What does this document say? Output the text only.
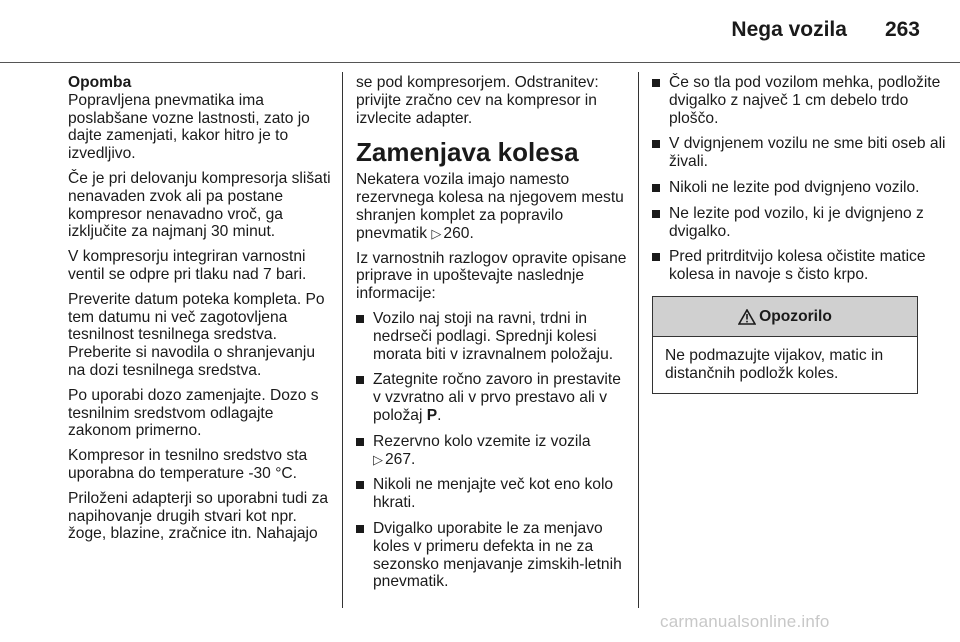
Nega vozila 263

Opomba

Popravljena pnevmatika ima poslabšane vozne lastnosti, zato jo dajte zamenjati, kakor hitro je to izvedljivo.

Če je pri delovanju kompresorja slišati nenavaden zvok ali pa postane kompresor nenavadno vroč, ga izključite za najmanj 30 minut.

V kompresorju integriran varnostni ventil se odpre pri tlaku nad 7 bari.

Preverite datum poteka kompleta. Po tem datumu ni več zagotovljena tesnilnost tesnilnega sredstva. Preberite si navodila o shranjevanju na dozi tesnilnega sredstva.

Po uporabi dozo zamenjajte. Dozo s tesnilnim sredstvom odlagajte zakonom primerno.

Kompresor in tesnilno sredstvo sta uporabna do temperature -30 °C.

Priloženi adapterji so uporabni tudi za napihovanje drugih stvari kot npr. žoge, blazine, zračnice itn. Nahajajo

se pod kompresorjem. Odstranitev: privijte zračno cev na kompresor in izvlecite adapter.

Zamenjava kolesa

Nekatera vozila imajo namesto rezervnega kolesa na njegovem mestu shranjen komplet za popravilo pnevmatik ▷ 260.

Iz varnostnih razlogov opravite opisane priprave in upoštevajte naslednje informacije:

Vozilo naj stoji na ravni, trdni in nedrseči podlagi. Sprednji kolesi morata biti v izravnalnem položaju.
Zategnite ročno zavoro in prestavite v vzvratno ali v prvo prestavo ali v položaj P.
Rezervno kolo vzemite iz vozila
▷ 267.
Nikoli ne menjajte več kot eno kolo hkrati.
Dvigalko uporabite le za menjavo koles v primeru defekta in ne za sezonsko menjavanje zimskih-letnih pnevmatik.
Če so tla pod vozilom mehka, podložite dvigalko z največ 1 cm debelo trdo ploščo.
V dvignjenem vozilu ne sme biti oseb ali živali.
Nikoli ne lezite pod dvignjeno vozilo.
Ne lezite pod vozilo, ki je dvignjeno z dvigalko.
Pred pritrditvijo kolesa očistite matice kolesa in navoje s čisto krpo.
Opozorilo
Ne podmazujte vijakov, matic in distančnih podložk koles.
carmanualsonline.info
